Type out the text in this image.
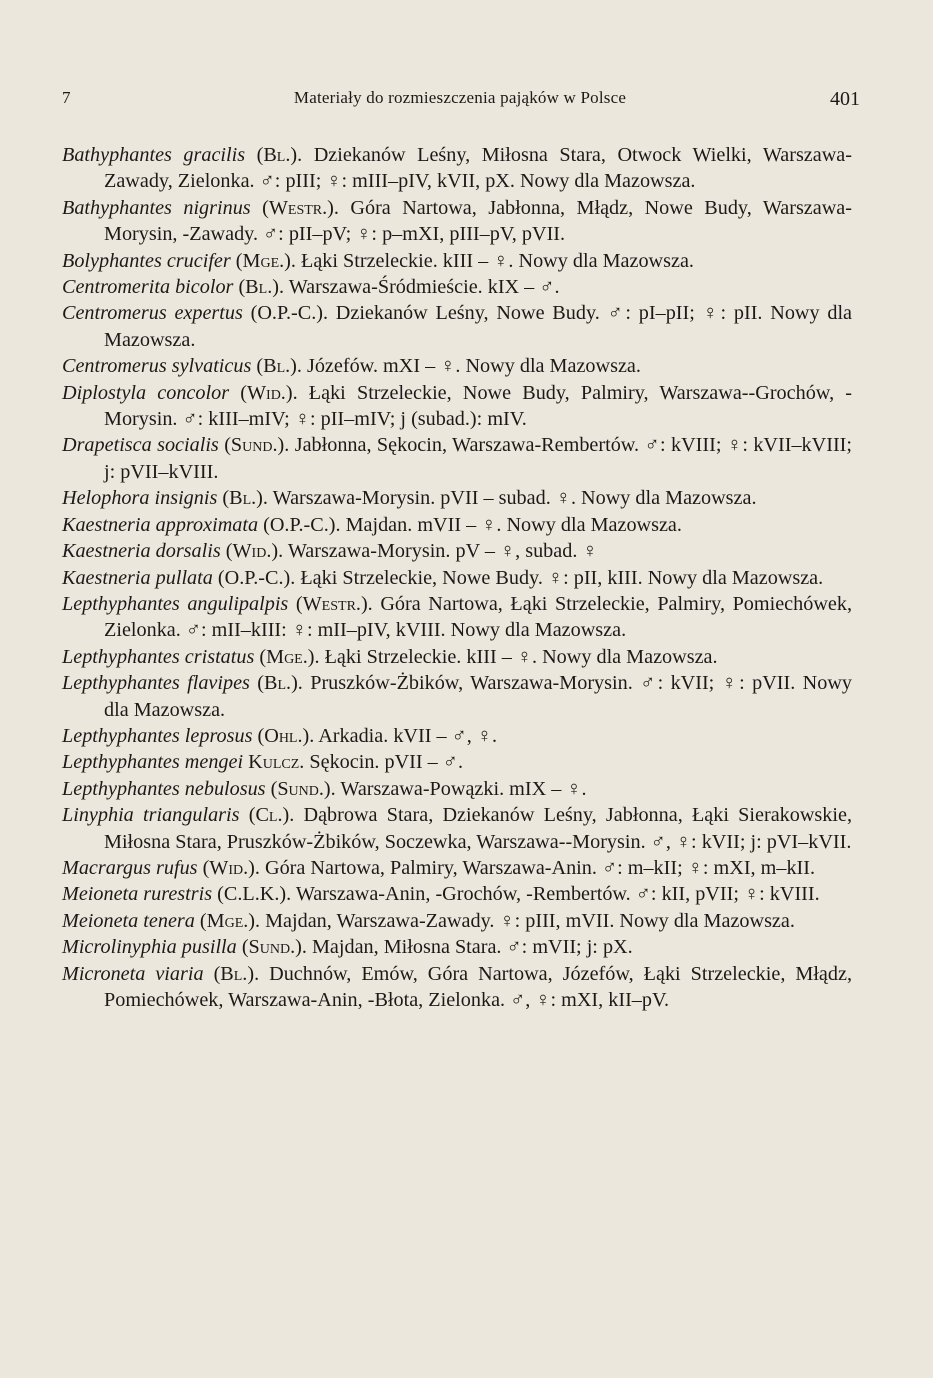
7	Materiały do rozmieszczenia pająków w Polsce	401

Bathyphantes gracilis (Bl.). Dziekanów Leśny, Miłosna Stara, Otwock Wielki, Warszawa-Zawady, Zielonka. ♂: pIII; ♀: mIII–pIV, kVII, pX. Nowy dla Mazowsza.

Bathyphantes nigrinus (Westr.). Góra Nartowa, Jabłonna, Młądz, Nowe Budy, Warszawa-Morysin, -Zawady. ♂: pII–pV; ♀: p–mXI, pIII–pV, pVII.

Bolyphantes crucifer (Mge.). Łąki Strzeleckie. kIII – ♀. Nowy dla Mazowsza.

Centromerita bicolor (Bl.). Warszawa-Śródmieście. kIX – ♂.

Centromerus expertus (O.P.-C.). Dziekanów Leśny, Nowe Budy. ♂: pI–pII; ♀: pII. Nowy dla Mazowsza.

Centromerus sylvaticus (Bl.). Józefów. mXI – ♀. Nowy dla Mazowsza.

Diplostyla concolor (Wid.). Łąki Strzeleckie, Nowe Budy, Palmiry, Warszawa--Grochów, -Morysin. ♂: kIII–mIV; ♀: pII–mIV; j (subad.): mIV.

Drapetisca socialis (Sund.). Jabłonna, Sękocin, Warszawa-Rembertów. ♂: kVIII; ♀: kVII–kVIII; j: pVII–kVIII.

Helophora insignis (Bl.). Warszawa-Morysin. pVII – subad. ♀. Nowy dla Mazowsza.

Kaestneria approximata (O.P.-C.). Majdan. mVII – ♀. Nowy dla Mazowsza.

Kaestneria dorsalis (Wid.). Warszawa-Morysin. pV – ♀, subad. ♀

Kaestneria pullata (O.P.-C.). Łąki Strzeleckie, Nowe Budy. ♀: pII, kIII. Nowy dla Mazowsza.

Lepthyphantes angulipalpis (Westr.). Góra Nartowa, Łąki Strzeleckie, Palmiry, Pomiechówek, Zielonka. ♂: mII–kIII: ♀: mII–pIV, kVIII. Nowy dla Mazowsza.

Lepthyphantes cristatus (Mge.). Łąki Strzeleckie. kIII – ♀. Nowy dla Mazowsza.

Lepthyphantes flavipes (Bl.). Pruszków-Żbików, Warszawa-Morysin. ♂: kVII; ♀: pVII. Nowy dla Mazowsza.

Lepthyphantes leprosus (Ohl.). Arkadia. kVII – ♂, ♀.

Lepthyphantes mengei Kulcz. Sękocin. pVII – ♂.

Lepthyphantes nebulosus (Sund.). Warszawa-Powązki. mIX – ♀.

Linyphia triangularis (Cl.). Dąbrowa Stara, Dziekanów Leśny, Jabłonna, Łąki Sierakowskie, Miłosna Stara, Pruszków-Żbików, Soczewka, Warszawa--Morysin. ♂, ♀: kVII; j: pVI–kVII.

Macrargus rufus (Wid.). Góra Nartowa, Palmiry, Warszawa-Anin. ♂: m–kII; ♀: mXI, m–kII.

Meioneta rurestris (C.L.K.). Warszawa-Anin, -Grochów, -Rembertów. ♂: kII, pVII; ♀: kVIII.

Meioneta tenera (Mge.). Majdan, Warszawa-Zawady. ♀: pIII, mVII. Nowy dla Mazowsza.

Microlinyphia pusilla (Sund.). Majdan, Miłosna Stara. ♂: mVII; j: pX.

Microneta viaria (Bl.). Duchnów, Emów, Góra Nartowa, Józefów, Łąki Strzeleckie, Młądz, Pomiechówek, Warszawa-Anin, -Błota, Zielonka. ♂, ♀: mXI, kII–pV.
